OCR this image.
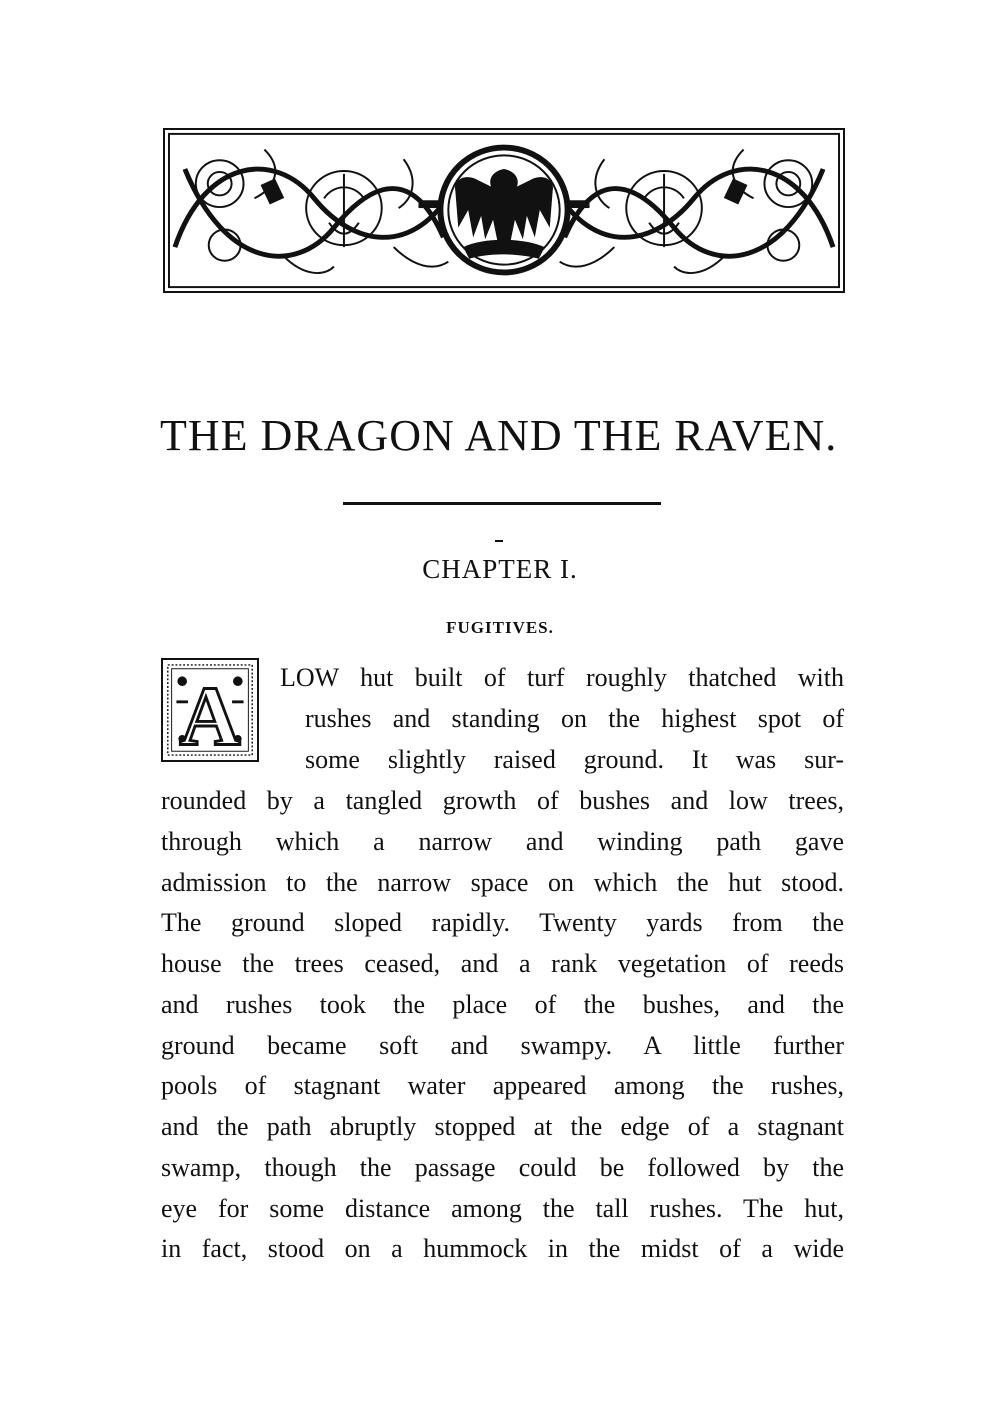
THE DRAGON AND THE RAVEN.
CHAPTER I.
FUGITIVES.
A LOW hut built of turf roughly thatched with
rushes and standing on the highest spot of
some slightly raised ground. It was sur-
rounded by a tangled growth of bushes and low trees,
through which a narrow and winding path gave
admission to the narrow space on which the hut stood.
The ground sloped rapidly. Twenty yards from the
house the trees ceased, and a rank vegetation of reeds
and rushes took the place of the bushes, and the
ground became soft and swampy. A little further
pools of stagnant water appeared among the rushes,
and the path abruptly stopped at the edge of a stagnant
swamp, though the passage could be followed by the
eye for some distance among the tall rushes. The hut,
in fact, stood on a hummock in the midst of a wide
